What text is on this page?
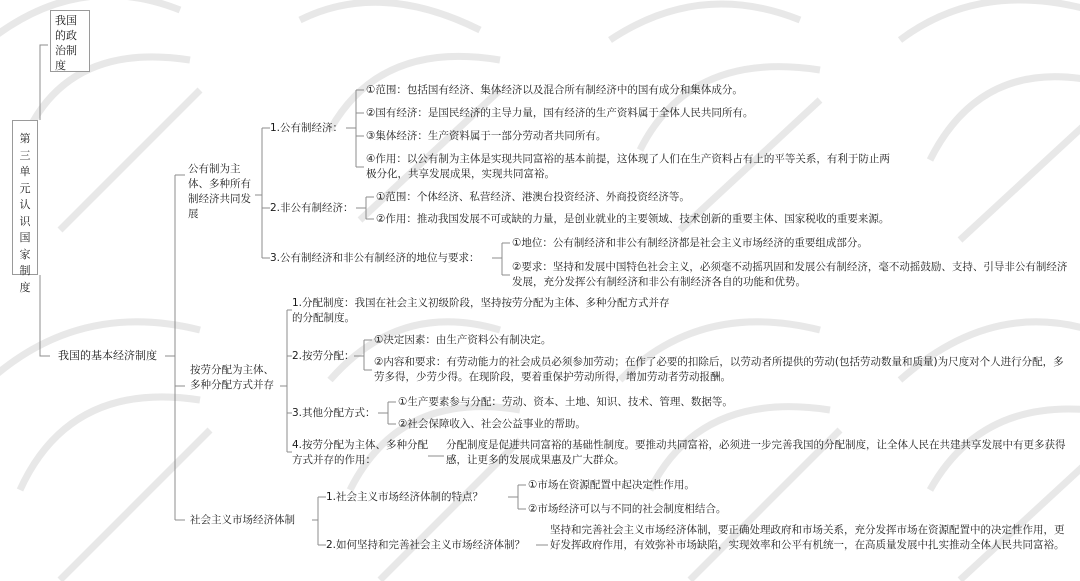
第三单元认识国家制度
我国的政治制度
我国的基本经济制度
公有制为主体、多种所有制经济共同发展
1.公有制经济：
①范围：包括国有经济、集体经济以及混合所有制经济中的国有成分和集体成分。
②国有经济：是国民经济的主导力量，国有经济的生产资料属于全体人民共同所有。
③集体经济：生产资料属于一部分劳动者共同所有。
④作用：以公有制为主体是实现共同富裕的基本前提，这体现了人们在生产资料占有上的平等关系，有利于防止两极分化，共享发展成果，实现共同富裕。
2.非公有制经济：
①范围：个体经济、私营经济、港澳台投资经济、外商投资经济等。
②作用：推动我国发展不可或缺的力量，是创业就业的主要领域、技术创新的重要主体、国家税收的重要来源。
3.公有制经济和非公有制经济的地位与要求：
①地位：公有制经济和非公有制经济都是社会主义市场经济的重要组成部分。
②要求：坚持和发展中国特色社会主义，必须毫不动摇巩固和发展公有制经济，毫不动摇鼓励、支持、引导非公有制经济发展，充分发挥公有制经济和非公有制经济各自的功能和优势。
按劳分配为主体、多种分配方式并存
1.分配制度：我国在社会主义初级阶段，坚持按劳分配为主体、多种分配方式并存的分配制度。
2.按劳分配：
①决定因素：由生产资料公有制决定。
②内容和要求：有劳动能力的社会成员必须参加劳动；在作了必要的扣除后，以劳动者所提供的劳动(包括劳动数量和质量)为尺度对个人进行分配，多劳多得，少劳少得。在现阶段，要着重保护劳动所得，增加劳动者劳动报酬。
3.其他分配方式：
①生产要素参与分配：劳动、资本、土地、知识、技术、管理、数据等。
②社会保障收入、社会公益事业的帮助。
4.按劳分配为主体、多种分配方式并存的作用：
分配制度是促进共同富裕的基础性制度。要推动共同富裕，必须进一步完善我国的分配制度，让全体人民在共建共享发展中有更多获得感，让更多的发展成果惠及广大群众。
社会主义市场经济体制
1.社会主义市场经济体制的特点？
①市场在资源配置中起决定性作用。
②市场经济可以与不同的社会制度相结合。
2.如何坚持和完善社会主义市场经济体制？
坚持和完善社会主义市场经济体制，要正确处理政府和市场关系，充分发挥市场在资源配置中的决定性作用，更好发挥政府作用，有效弥补市场缺陷，实现效率和公平有机统一，在高质量发展中扎实推动全体人民共同富裕。
